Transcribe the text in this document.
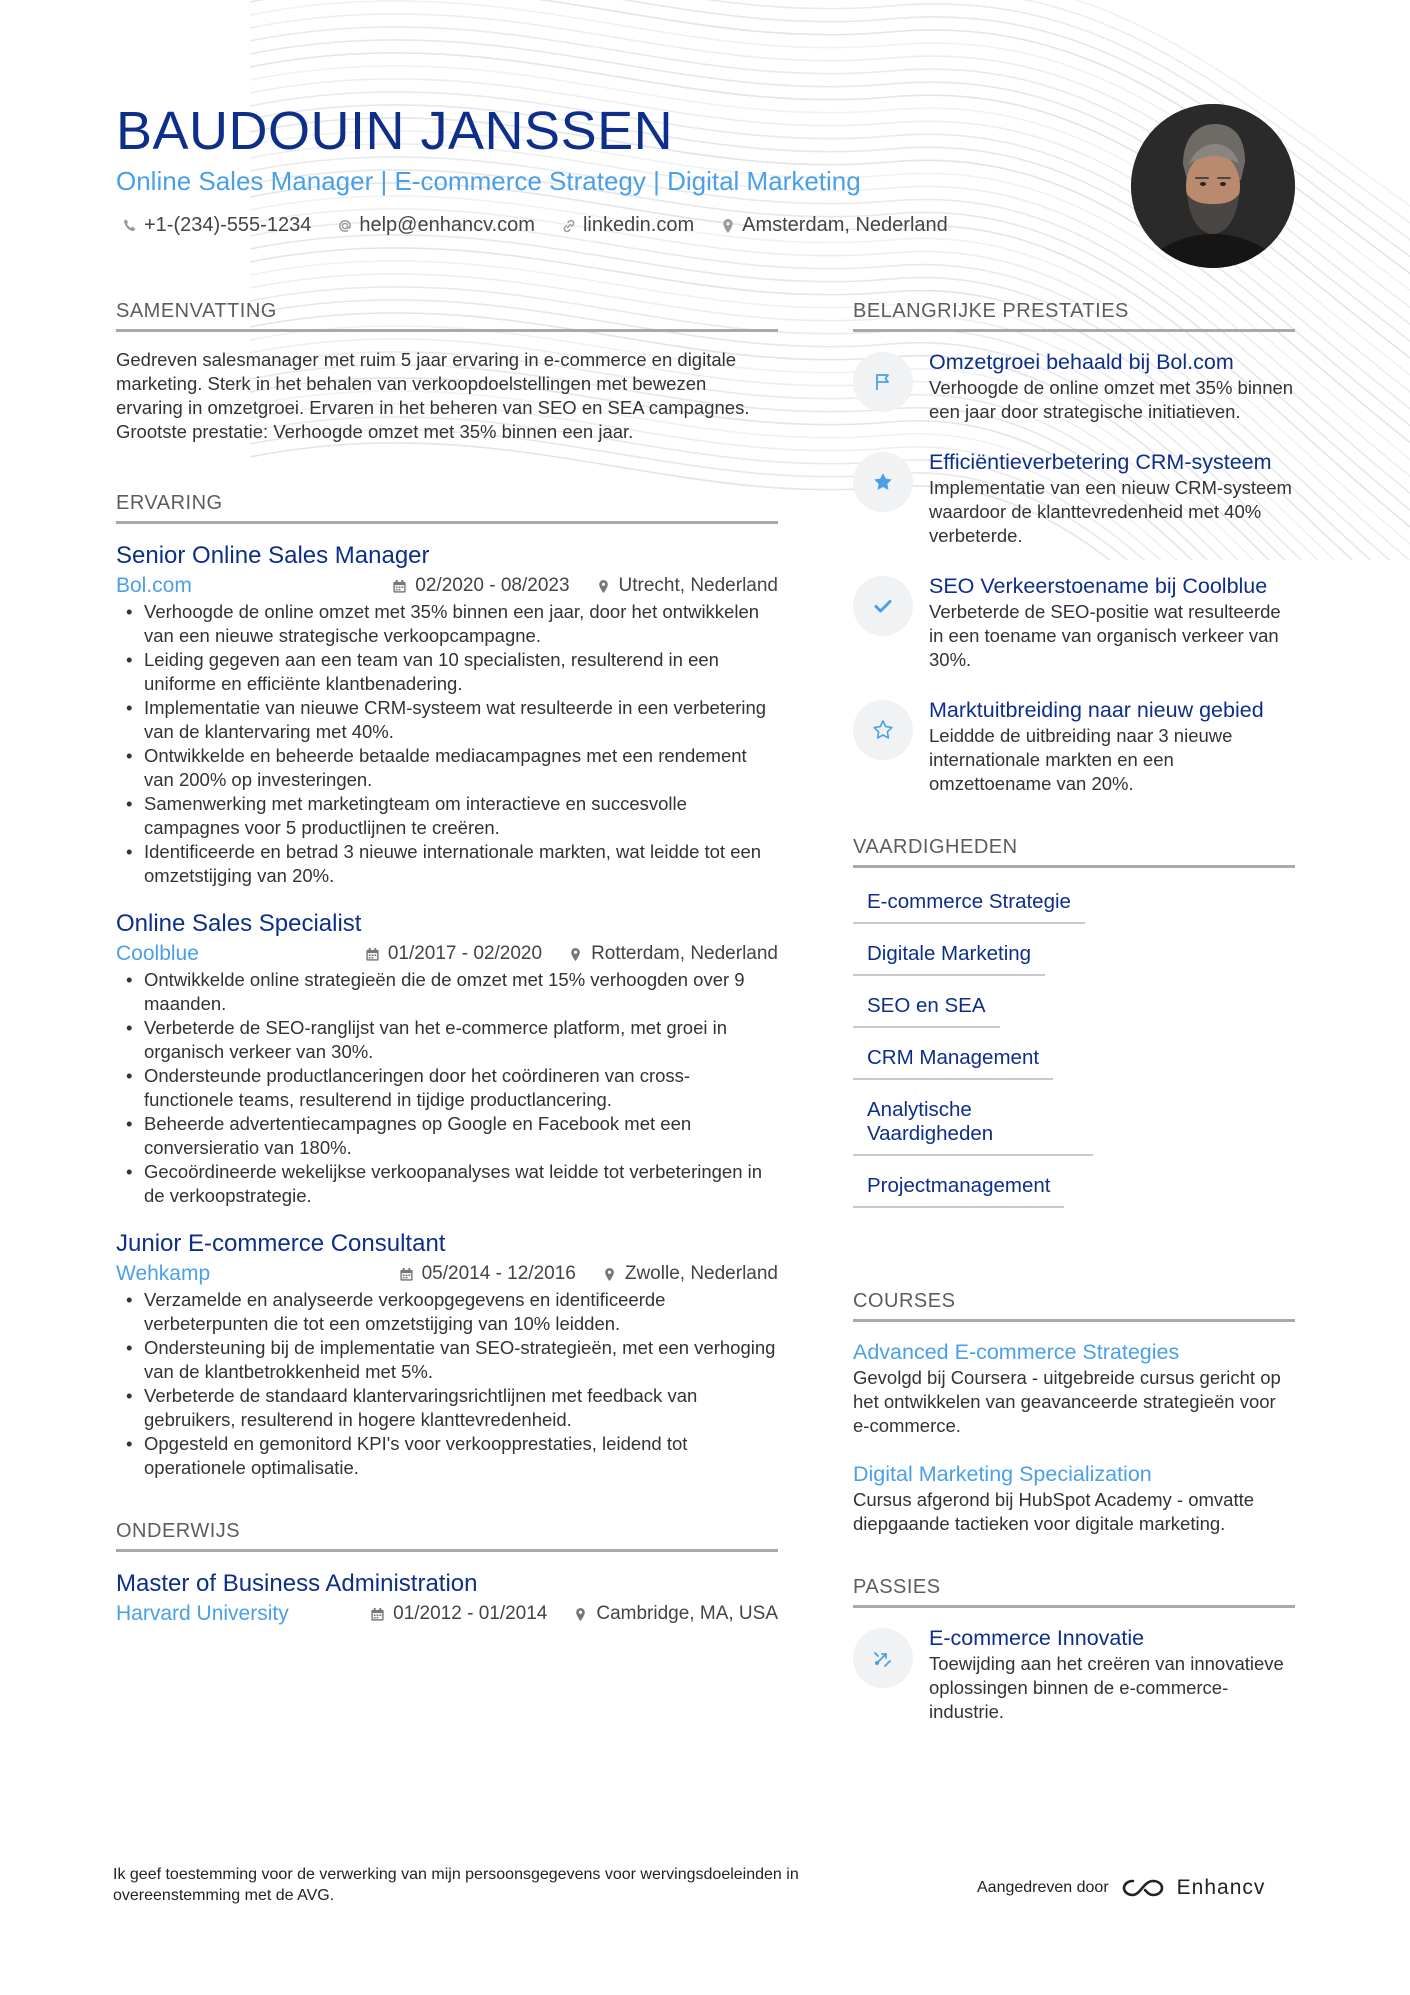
BAUDOUIN JANSSEN
Online Sales Manager | E-commerce Strategy | Digital Marketing
+1-(234)-555-1234 help@enhancv.com linkedin.com Amsterdam, Nederland
SAMENVATTING

Gedreven salesmanager met ruim 5 jaar ervaring in e-commerce en digitale marketing. Sterk in het behalen van verkoopdoelstellingen met bewezen ervaring in omzetgroei. Ervaren in het beheren van SEO en SEA campagnes. Grootste prestatie: Verhoogde omzet met 35% binnen een jaar.

ERVARING
Senior Online Sales Manager
Bol.com	02/2020 - 08/2023	Utrecht, Nederland
• Verhoogde de online omzet met 35% binnen een jaar, door het ontwikkelen van een nieuwe strategische verkoopcampagne.
• Leiding gegeven aan een team van 10 specialisten, resulterend in een uniforme en efficiënte klantbenadering.
• Implementatie van nieuwe CRM-systeem wat resulteerde in een verbetering van de klantervaring met 40%.
• Ontwikkelde en beheerde betaalde mediacampagnes met een rendement van 200% op investeringen.
• Samenwerking met marketingteam om interactieve en succesvolle campagnes voor 5 productlijnen te creëren.
• Identificeerde en betrad 3 nieuwe internationale markten, wat leidde tot een omzetstijging van 20%.
Online Sales Specialist
Coolblue	01/2017 - 02/2020	Rotterdam, Nederland
• Ontwikkelde online strategieën die de omzet met 15% verhoogden over 9 maanden.
• Verbeterde de SEO-ranglijst van het e-commerce platform, met groei in organisch verkeer van 30%.
• Ondersteunde productlanceringen door het coördineren van cross-functionele teams, resulterend in tijdige productlancering.
• Beheerde advertentiecampagnes op Google en Facebook met een conversieratio van 180%.
• Gecoördineerde wekelijkse verkoopanalyses wat leidde tot verbeteringen in de verkoopstrategie.
Junior E-commerce Consultant
Wehkamp	05/2014 - 12/2016	Zwolle, Nederland
• Verzamelde en analyseerde verkoopgegevens en identificeerde verbeterpunten die tot een omzetstijging van 10% leidden.
• Ondersteuning bij de implementatie van SEO-strategieën, met een verhoging van de klantbetrokkenheid met 5%.
• Verbeterde de standaard klantervaringsrichtlijnen met feedback van gebruikers, resulterend in hogere klanttevredenheid.
• Opgesteld en gemonitord KPI's voor verkoopprestaties, leidend tot operationele optimalisatie.
ONDERWIJS
Master of Business Administration
Harvard University	01/2012 - 01/2014	Cambridge, MA, USA
BELANGRIJKE PRESTATIES
Omzetgroei behaald bij Bol.com
Verhoogde de online omzet met 35% binnen een jaar door strategische initiatieven.
Efficiëntieverbetering CRM-systeem
Implementatie van een nieuw CRM-systeem waardoor de klanttevredenheid met 40% verbeterde.
SEO Verkeerstoename bij Coolblue
Verbeterde de SEO-positie wat resulteerde in een toename van organisch verkeer van 30%.
Marktuitbreiding naar nieuw gebied
Leiddde de uitbreiding naar 3 nieuwe internationale markten en een omzettoename van 20%.
VAARDIGHEDEN
E-commerce Strategie
Digitale Marketing
SEO en SEA
CRM Management
Analytische Vaardigheden
Projectmanagement
COURSES
Advanced E-commerce Strategies
Gevolgd bij Coursera - uitgebreide cursus gericht op het ontwikkelen van geavanceerde strategieën voor e-commerce.
Digital Marketing Specialization
Cursus afgerond bij HubSpot Academy - omvatte diepgaande tactieken voor digitale marketing.
PASSIES
E-commerce Innovatie
Toewijding aan het creëren van innovatieve oplossingen binnen de e-commerce-industrie.
Ik geef toestemming voor de verwerking van mijn persoonsgegevens voor wervingsdoeleinden in overeenstemming met de AVG.	Aangedreven door	Enhancv
